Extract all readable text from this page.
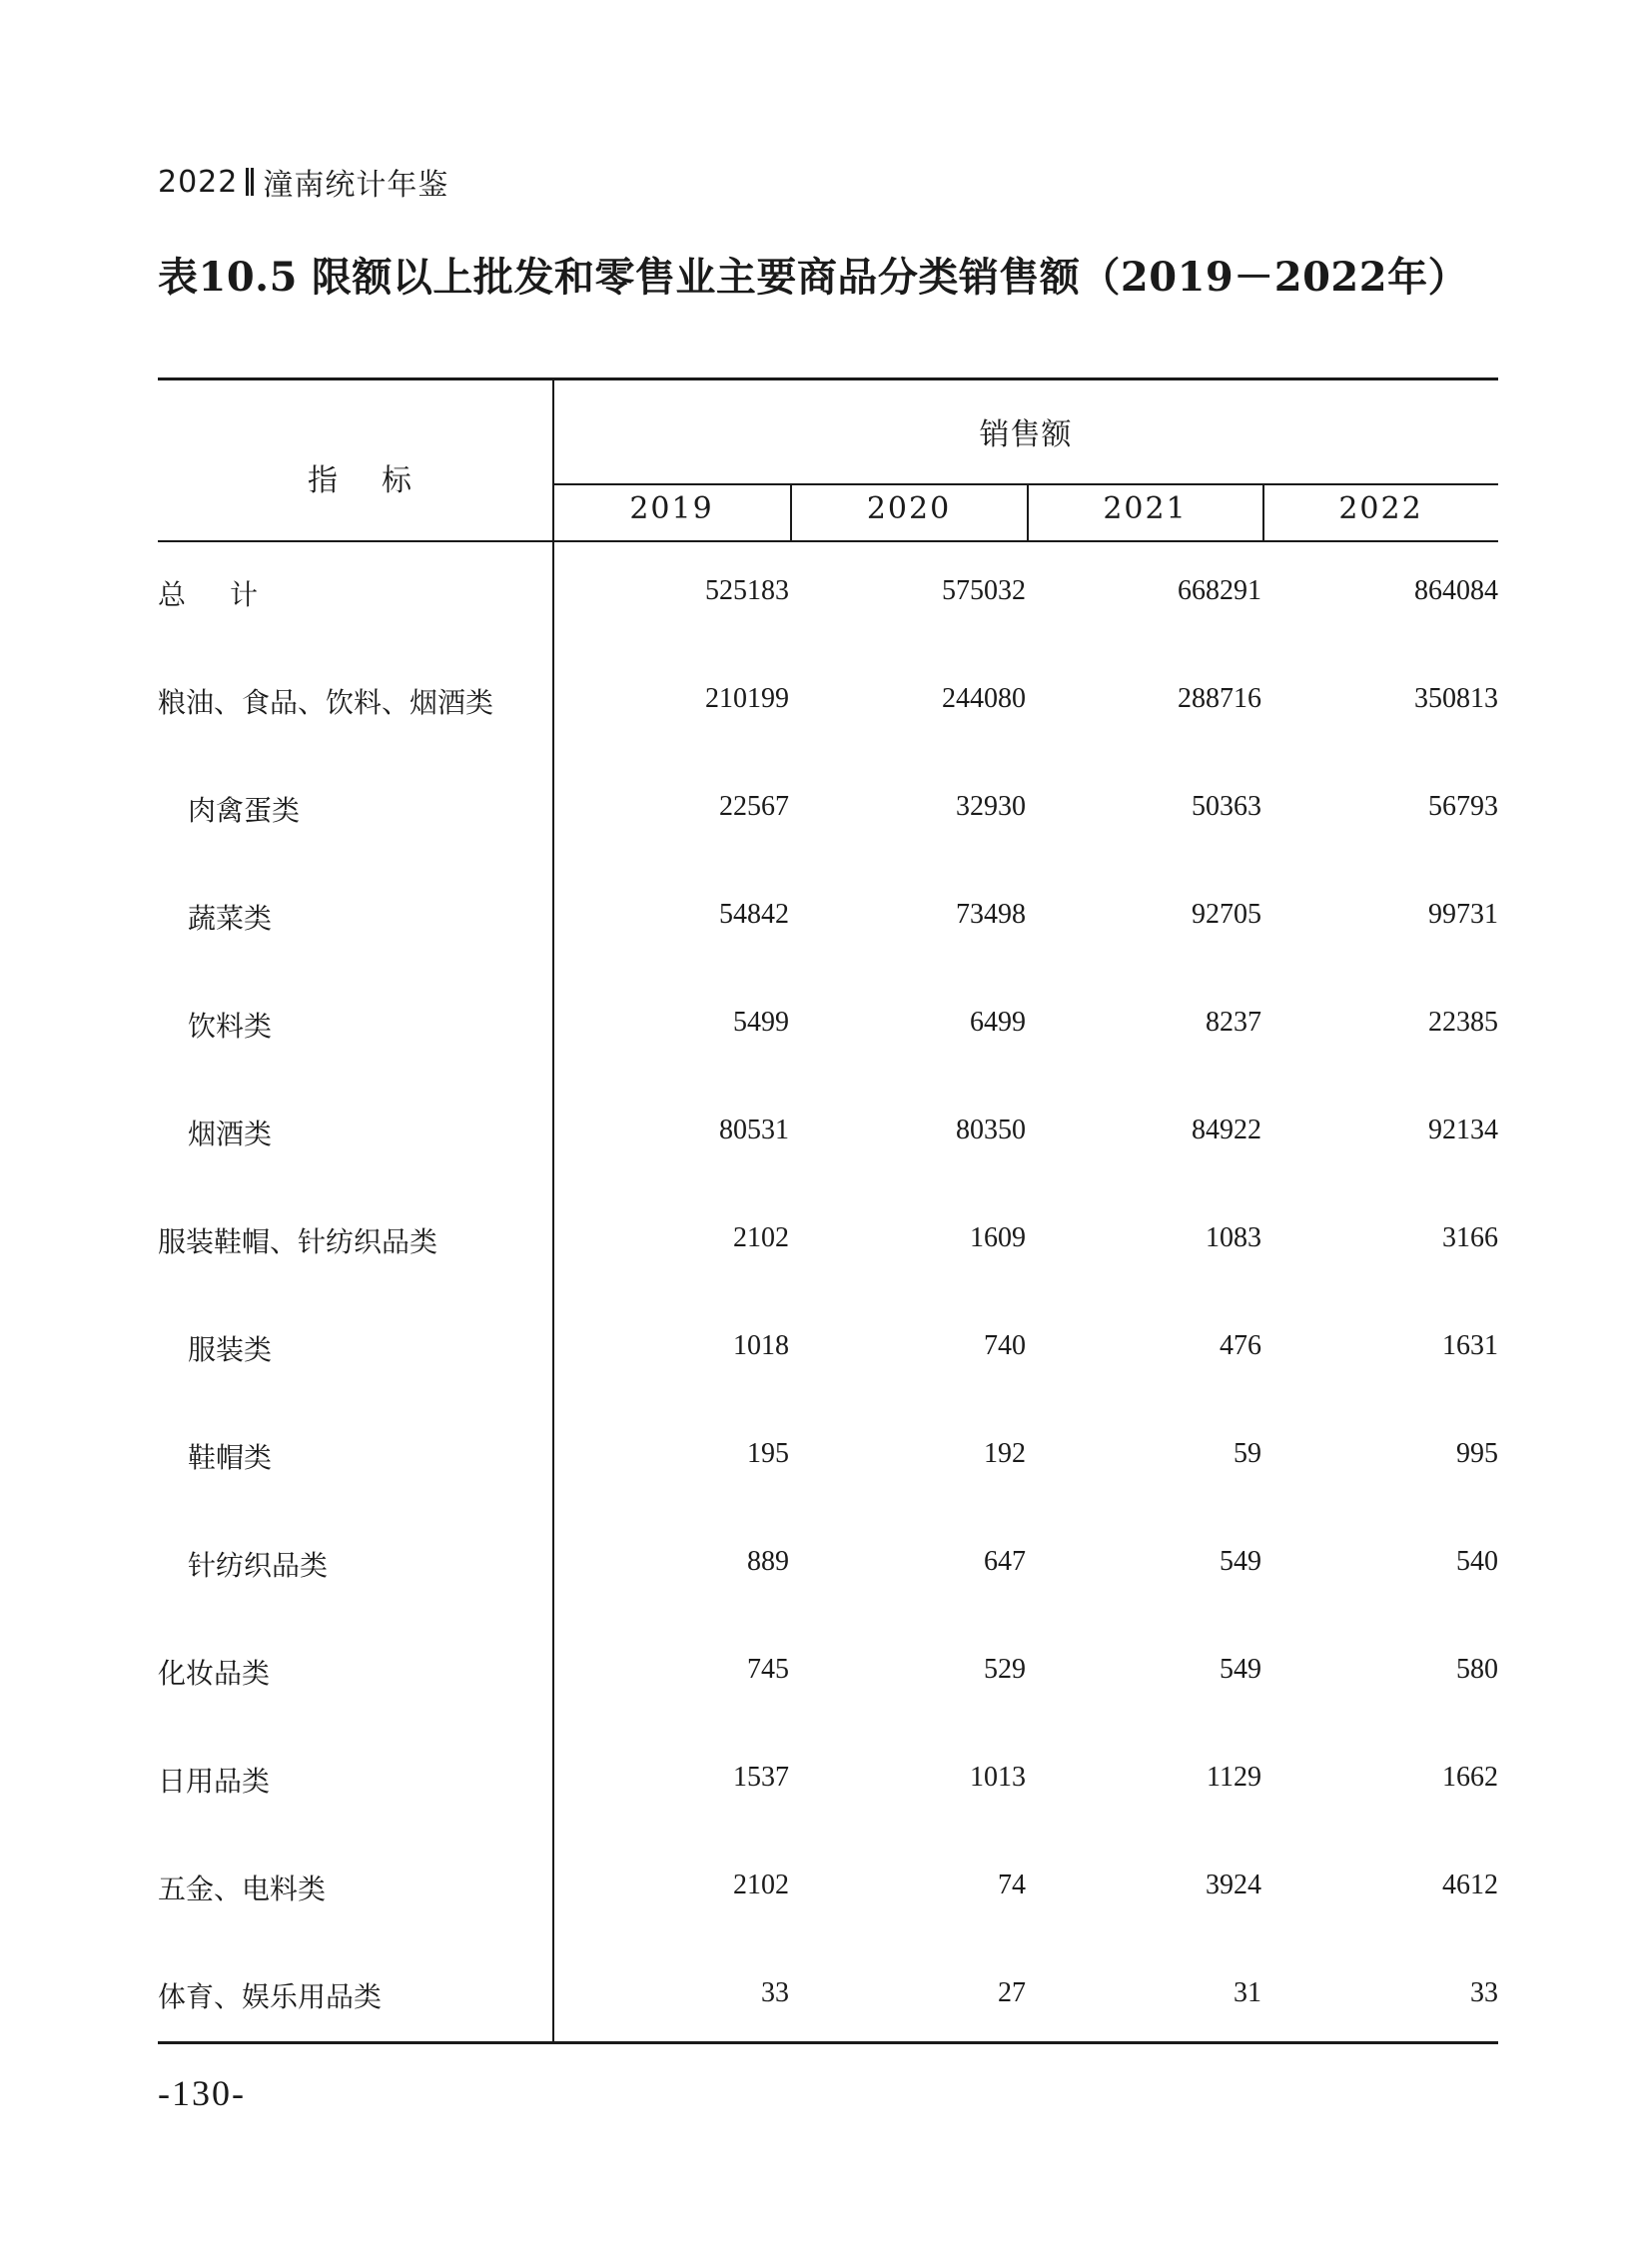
2022 潼南统计年鉴
表10.5 限额以上批发和零售业主要商品分类销售额（2019－2022年）
指标
销售额
2019	2020	2021	2022
总计	525183	575032	668291	864084
粮油、食品、饮料、烟酒类	210199	244080	288716	350813
肉禽蛋类	22567	32930	50363	56793
蔬菜类	54842	73498	92705	99731
饮料类	5499	6499	8237	22385
烟酒类	80531	80350	84922	92134
服装鞋帽、针纺织品类	2102	1609	1083	3166
服装类	1018	740	476	1631
鞋帽类	195	192	59	995
针纺织品类	889	647	549	540
化妆品类	745	529	549	580
日用品类	1537	1013	1129	1662
五金、电料类	2102	74	3924	4612
体育、娱乐用品类	33	27	31	33
-130-
